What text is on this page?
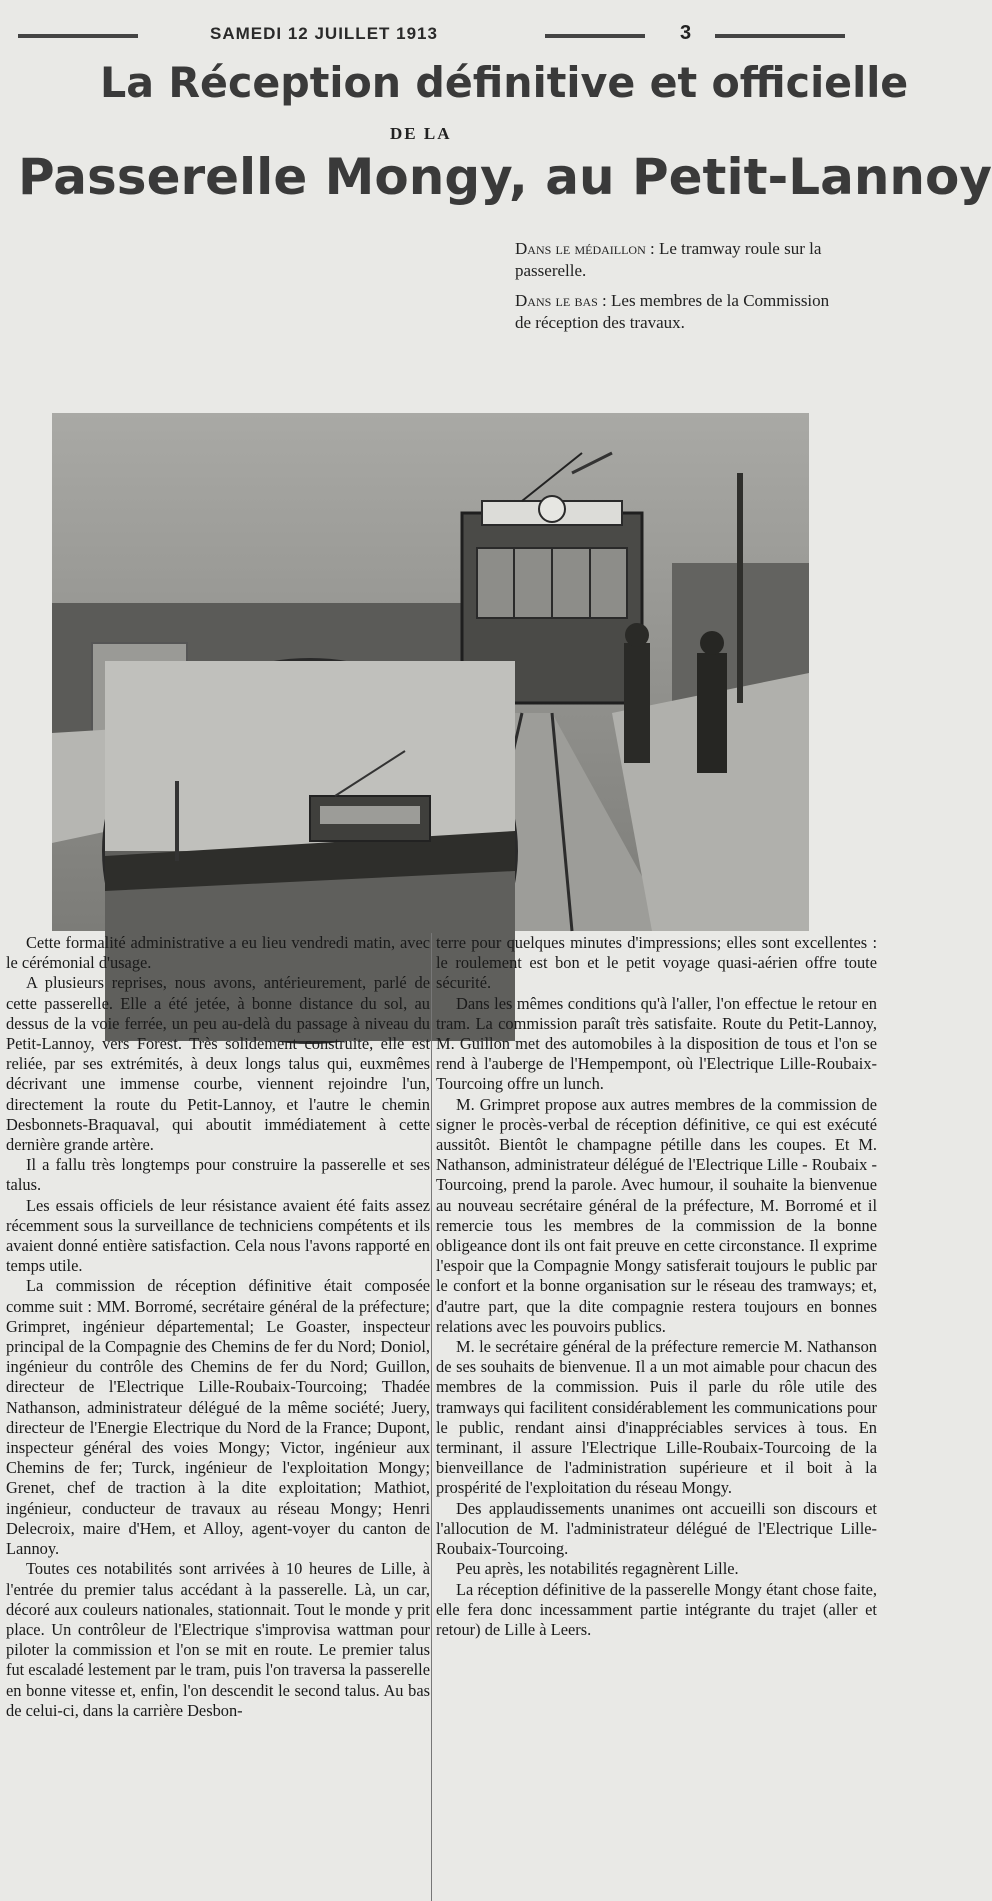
SAMEDI 12 JUILLET 1913	3
La Réception définitive et officielle
DE LA
Passerelle Mongy, au Petit-Lannoy
Dans le médaillon : Le tramway roule sur la passerelle.
Dans le bas : Les membres de la Commission de réception des travaux.

Cette formalité administrative a eu lieu vendredi matin, avec le cérémonial d'usage.

A plusieurs reprises, nous avons, antérieurement, parlé de cette passerelle. Elle a été jetée, à bonne distance du sol, au dessus de la voie ferrée, un peu au-delà du passage à niveau du Petit-Lannoy, vers Forest. Très solidement construite, elle est reliée, par ses extrémités, à deux longs talus qui, euxmêmes décrivant une immense courbe, viennent rejoindre l'un, directement la route du Petit-Lannoy, et l'autre le chemin Desbonnets-Braquaval, qui aboutit immédiatement à cette dernière grande artère.

Il a fallu très longtemps pour construire la passerelle et ses talus.

Les essais officiels de leur résistance avaient été faits assez récemment sous la surveillance de techniciens compétents et ils avaient donné entière satisfaction. Cela nous l'avons rapporté en temps utile.

La commission de réception définitive était composée comme suit : MM. Borromé, secrétaire général de la préfecture; Grimpret, ingénieur départemental; Le Goaster, inspecteur principal de la Compagnie des Chemins de fer du Nord; Doniol, ingénieur du contrôle des Chemins de fer du Nord; Guillon, directeur de l'Electrique Lille-Roubaix-Tourcoing; Thadée Nathanson, administrateur délégué de la même société; Juery, directeur de l'Energie Electrique du Nord de la France; Dupont, inspecteur général des voies Mongy; Victor, ingénieur aux Chemins de fer; Turck, ingénieur de l'exploitation Mongy; Grenet, chef de traction à la dite exploitation; Mathiot, ingénieur, conducteur de travaux au réseau Mongy; Henri Delecroix, maire d'Hem, et Alloy, agent-voyer du canton de Lannoy.

Toutes ces notabilités sont arrivées à 10 heures de Lille, à l'entrée du premier talus accédant à la passerelle. Là, un car, décoré aux couleurs nationales, stationnait. Tout le monde y prit place. Un contrôleur de l'Electrique s'improvisa wattman pour piloter la commission et l'on se mit en route. Le premier talus fut escaladé lestement par le tram, puis l'on traversa la passerelle en bonne vitesse et, enfin, l'on descendit le second talus. Au bas de celui-ci, dans la carrière Desbon-

terre pour quelques minutes d'impressions; elles sont excellentes : le roulement est bon et le petit voyage quasi-aérien offre toute sécurité.

Dans les mêmes conditions qu'à l'aller, l'on effectue le retour en tram. La commission paraît très satisfaite. Route du Petit-Lannoy, M. Guillon met des automobiles à la disposition de tous et l'on se rend à l'auberge de l'Hempempont, où l'Electrique Lille-Roubaix-Tourcoing offre un lunch.

M. Grimpret propose aux autres membres de la commission de signer le procès-verbal de réception définitive, ce qui est exécuté aussitôt. Bientôt le champagne pétille dans les coupes. Et M. Nathanson, administrateur délégué de l'Electrique Lille - Roubaix - Tourcoing, prend la parole. Avec humour, il souhaite la bienvenue au nouveau secrétaire général de la préfecture, M. Borromé et il remercie tous les membres de la commission de la bonne obligeance dont ils ont fait preuve en cette circonstance. Il exprime l'espoir que la Compagnie Mongy satisferait toujours le public par le confort et la bonne organisation sur le réseau des tramways; et, d'autre part, que la dite compagnie restera toujours en bonnes relations avec les pouvoirs publics.

M. le secrétaire général de la préfecture remercie M. Nathanson de ses souhaits de bienvenue. Il a un mot aimable pour chacun des membres de la commission. Puis il parle du rôle utile des tramways qui facilitent considérablement les communications pour le public, rendant ainsi d'inappréciables services à tous. En terminant, il assure l'Electrique Lille-Roubaix-Tourcoing de la bienveillance de l'administration supérieure et il boit à la prospérité de l'exploitation du réseau Mongy.

Des applaudissements unanimes ont accueilli son discours et l'allocution de M. l'administrateur délégué de l'Electrique Lille-Roubaix-Tourcoing.

Peu après, les notabilités regagnèrent Lille.

La réception définitive de la passerelle Mongy étant chose faite, elle fera donc incessamment partie intégrante du trajet (aller et retour) de Lille à Leers.
